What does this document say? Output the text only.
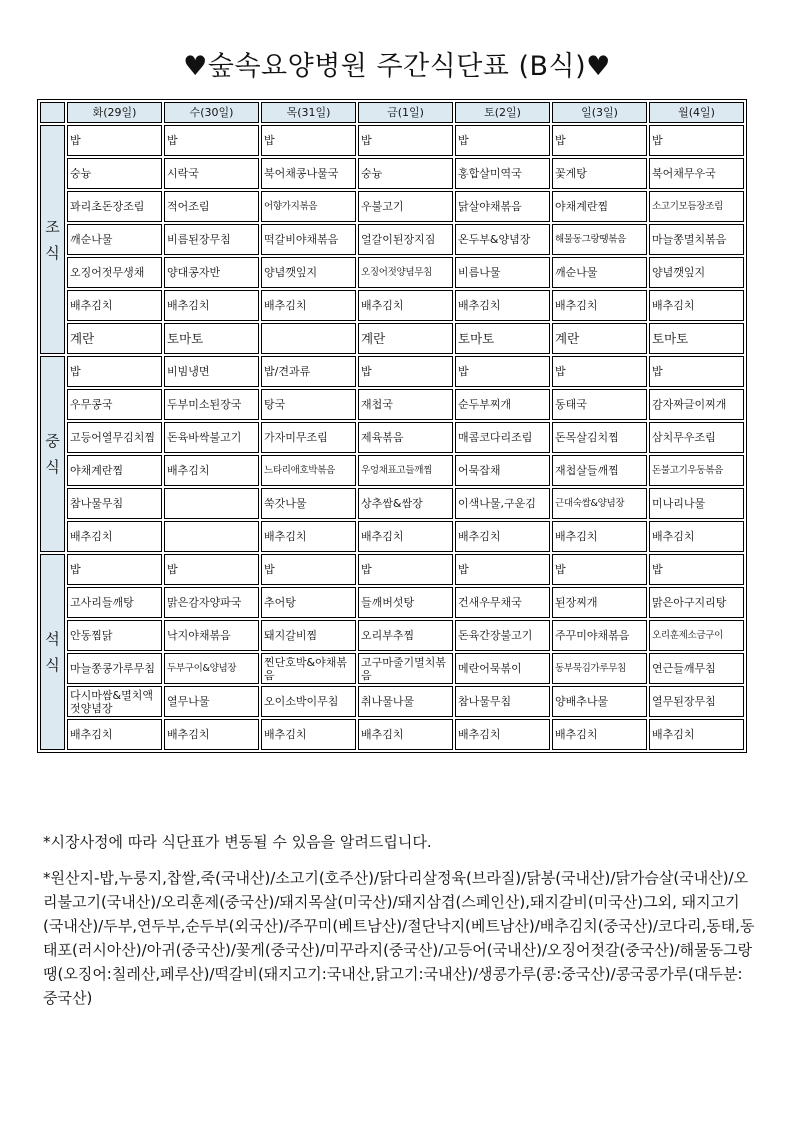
♥숲속요양병원 주간식단표 (B식)♥
	화(29일)	수(30일)	목(31일)	금(1일)	토(2일)	일(3일)	월(4일)

조
식	밥	밥	밥	밥	밥	밥	밥
	숭늉	시락국	북어채콩나물국	숭늉	홍합살미역국	꽃게탕	북어채무우국
	꽈리초돈장조림	적어조림	어향가지볶음	우불고기	닭살야채볶음	야채계란찜	소고기모듬장조림
	깨순나물	비름된장무침	떡갈비야채볶음	얼갈이된장지짐	온두부&양념장	해물동그랑땡볶음	마늘쫑멸치볶음
	오징어젓무생채	양대콩자반	양념깻잎지	오징어젓양념무침	비름나물	깨순나물	양념깻잎지
	배추김치	배추김치	배추김치	배추김치	배추김치	배추김치	배추김치
	계란	토마토		계란	토마토	계란	토마토

중
식	밥	비빔냉면	밥/견과류	밥	밥	밥	밥
	우무콩국	두부미소된장국	탕국	재첩국	순두부찌개	동태국	감자짜글이찌개
	고등어열무김치찜	돈육바싹불고기	가자미무조림	제육볶음	매콤코다리조림	돈목살김치찜	삼치무우조림
	야채계란찜	배추김치	느타리애호박볶음	우엉채표고들깨찜	어묵잡채	재첩살들깨찜	돈불고기우동볶음
	참나물무침		쑥갓나물	상추쌈&쌈장	이색나물,구운김	근대숙쌈&양념장	미나리나물
	배추김치		배추김치	배추김치	배추김치	배추김치	배추김치

석
식	밥	밥	밥	밥	밥	밥	밥
	고사리들깨탕	맑은감자양파국	추어탕	들깨버섯탕	건새우무채국	된장찌개	맑은아구지리탕
	안동찜닭	낙지야채볶음	돼지갈비찜	오리부추찜	돈육간장불고기	주꾸미야채볶음	오리훈제소금구이
	마늘쫑콩가루무침	두부구이&양념장	찐단호박&야채볶음	고구마줄기멸치볶음	메란어묵볶이	동부묵김가루무침	연근들깨무침
	다시마쌈&멸치액젓양념장	열무나물	오이소박이무침	취나물나물	참나물무침	양배추나물	열무된장무침
	배추김치	배추김치	배추김치	배추김치	배추김치	배추김치	배추김치

*시장사정에 따라 식단표가 변동될 수 있음을 알려드립니다.

*원산지-밥,누룽지,찹쌀,죽(국내산)/소고기(호주산)/닭다리살정육(브라질)/닭봉(국내산)/닭가슴살(국내산)/오리불고기(국내산)/오리훈제(중국산)/돼지목살(미국산)/돼지삼겹(스페인산),돼지갈비(미국산)그외, 돼지고기(국내산)/두부,연두부,순두부(외국산)/주꾸미(베트남산)/절단낙지(베트남산)/배추김치(중국산)/코다리,동태,동태포(러시아산)/아귀(중국산)/꽃게(중국산)/미꾸라지(중국산)/고등어(국내산)/오징어젓갈(중국산)/해물동그랑땡(오징어:칠레산,페루산)/떡갈비(돼지고기:국내산,닭고기:국내산)/생콩가루(콩:중국산)/콩국콩가루(대두분:중국산)
